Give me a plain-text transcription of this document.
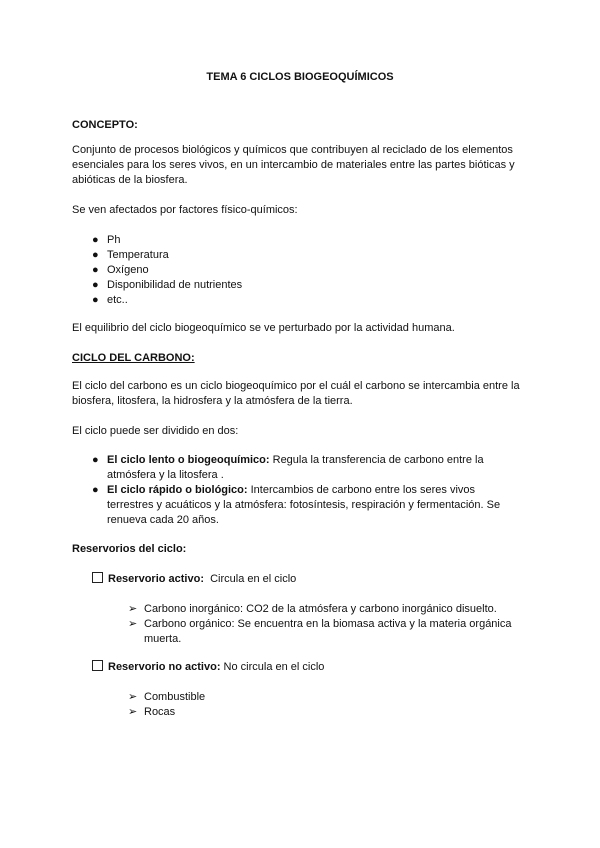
TEMA 6 CICLOS BIOGEOQUÍMICOS

CONCEPTO:

Conjunto de procesos biológicos y químicos que contribuyen al reciclado de los elementos esenciales para los seres vivos, en un intercambio de materiales entre las partes bióticas y abióticas de la biosfera.

Se ven afectados por factores físico-químicos:

● Ph
● Temperatura
● Oxígeno
● Disponibilidad de nutrientes
● etc..

El equilibrio del ciclo biogeoquímico se ve perturbado por la actividad humana.

CICLO DEL CARBONO:

El ciclo del carbono es un ciclo biogeoquímico por el cuál el carbono se intercambia entre la biosfera, litosfera, la hidrosfera y la atmósfera de la tierra.

El ciclo puede ser dividido en dos:

● El ciclo lento o biogeoquímico: Regula la transferencia de carbono entre la atmósfera y la litosfera .
● El ciclo rápido o biológico: Intercambios de carbono entre los seres vivos terrestres y acuáticos y la atmósfera: fotosíntesis, respiración y fermentación. Se renueva cada 20 años.

Reservorios del ciclo:

Reservorio activo:  Circula en el ciclo

➢ Carbono inorgánico: CO2 de la atmósfera y carbono inorgánico disuelto.
➢ Carbono orgánico: Se encuentra en la biomasa activa y la materia orgánica muerta.

Reservorio no activo: No circula en el ciclo

➢ Combustible
➢ Rocas
